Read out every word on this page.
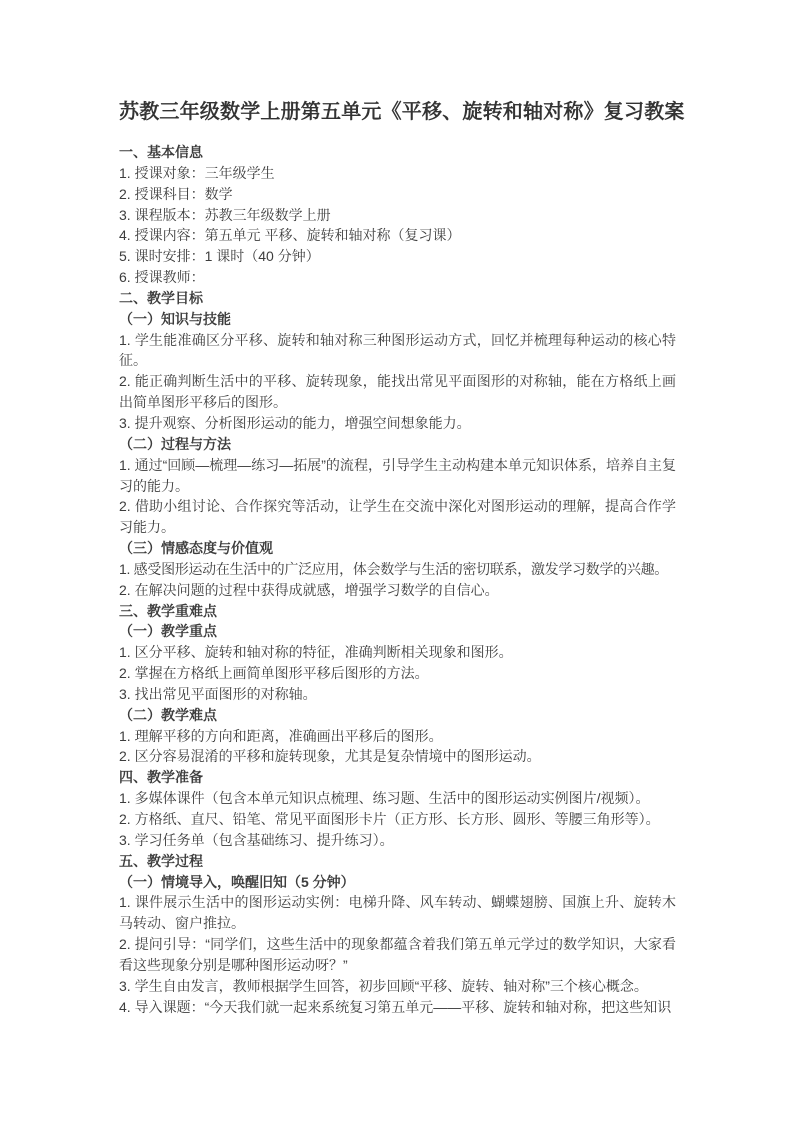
苏教三年级数学上册第五单元《平移、旋转和轴对称》复习教案

一、基本信息

1. 授课对象：三年级学生

2. 授课科目：数学

3. 课程版本：苏教三年级数学上册

4. 授课内容：第五单元 平移、旋转和轴对称（复习课）

5. 课时安排：1 课时（40 分钟）

6. 授课教师：

二、教学目标

（一）知识与技能

1. 学生能准确区分平移、旋转和轴对称三种图形运动方式，回忆并梳理每种运动的核心特征。

2. 能正确判断生活中的平移、旋转现象，能找出常见平面图形的对称轴，能在方格纸上画出简单图形平移后的图形。

3. 提升观察、分析图形运动的能力，增强空间想象能力。

（二）过程与方法

1. 通过“回顾—梳理—练习—拓展”的流程，引导学生主动构建本单元知识体系，培养自主复习的能力。

2. 借助小组讨论、合作探究等活动，让学生在交流中深化对图形运动的理解，提高合作学习能力。

（三）情感态度与价值观

1. 感受图形运动在生活中的广泛应用，体会数学与生活的密切联系，激发学习数学的兴趣。

2. 在解决问题的过程中获得成就感，增强学习数学的自信心。

三、教学重难点

（一）教学重点

1. 区分平移、旋转和轴对称的特征，准确判断相关现象和图形。

2. 掌握在方格纸上画简单图形平移后图形的方法。

3. 找出常见平面图形的对称轴。

（二）教学难点

1. 理解平移的方向和距离，准确画出平移后的图形。

2. 区分容易混淆的平移和旋转现象，尤其是复杂情境中的图形运动。

四、教学准备

1. 多媒体课件（包含本单元知识点梳理、练习题、生活中的图形运动实例图片/视频）。

2. 方格纸、直尺、铅笔、常见平面图形卡片（正方形、长方形、圆形、等腰三角形等）。

3. 学习任务单（包含基础练习、提升练习）。

五、教学过程

（一）情境导入，唤醒旧知（5 分钟）

1. 课件展示生活中的图形运动实例：电梯升降、风车转动、蝴蝶翅膀、国旗上升、旋转木马转动、窗户推拉。

2. 提问引导：“同学们，这些生活中的现象都蕴含着我们第五单元学过的数学知识，大家看看这些现象分别是哪种图形运动呀？”

3. 学生自由发言，教师根据学生回答，初步回顾“平移、旋转、轴对称”三个核心概念。

4. 导入课题：“今天我们就一起来系统复习第五单元——平移、旋转和轴对称，把这些知识
